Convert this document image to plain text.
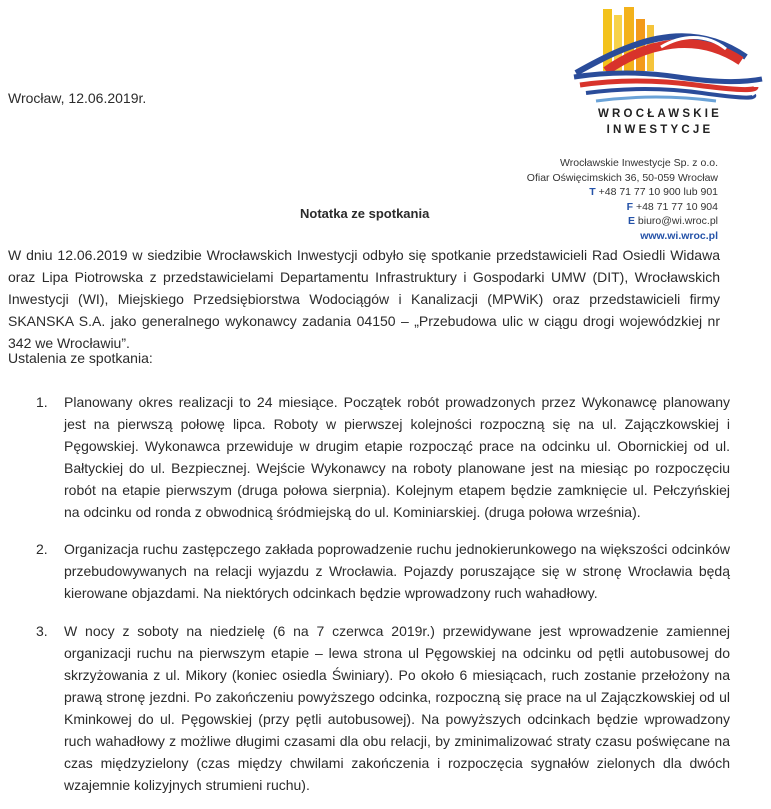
Wrocław, 12.06.2019r.
WROCŁAWSKIE
INWESTYCJE
Wrocławskie Inwestycje Sp. z o.o.
Ofiar Oświęcimskich 36, 50-059 Wrocław
T +48 71 77 10 900 lub 901
F +48 71 77 10 904
E biuro@wi.wroc.pl
www.wi.wroc.pl
Notatka ze spotkania
W dniu 12.06.2019 w siedzibie Wrocławskich Inwestycji odbyło się spotkanie przedstawicieli Rad Osiedli Widawa oraz Lipa Piotrowska z przedstawicielami Departamentu Infrastruktury i Gospodarki UMW (DIT), Wrocławskich Inwestycji (WI), Miejskiego Przedsiębiorstwa Wodociągów i Kanalizacji (MPWiK) oraz przedstawicieli firmy SKANSKA S.A. jako generalnego wykonawcy zadania 04150 – „Przebudowa ulic w ciągu drogi wojewódzkiej nr 342 we Wrocławiu”.
Ustalenia ze spotkania:
1. Planowany okres realizacji to 24 miesiące. Początek robót prowadzonych przez Wykonawcę planowany jest na pierwszą połowę lipca. Roboty w pierwszej kolejności rozpoczną się na ul. Zajączkowskiej i Pęgowskiej. Wykonawca przewiduje w drugim etapie rozpocząć prace na odcinku ul. Obornickiej od ul. Bałtyckiej do ul. Bezpiecznej. Wejście Wykonawcy na roboty planowane jest na miesiąc po rozpoczęciu robót na etapie pierwszym (druga połowa sierpnia). Kolejnym etapem będzie zamknięcie ul. Pełczyńskiej na odcinku od ronda z obwodnicą śródmiejską do ul. Kominiarskiej. (druga połowa września).
2. Organizacja ruchu zastępczego zakłada poprowadzenie ruchu jednokierunkowego na większości odcinków przebudowywanych na relacji wyjazdu z Wrocławia. Pojazdy poruszające się w stronę Wrocławia będą kierowane objazdami. Na niektórych odcinkach będzie wprowadzony ruch wahadłowy.
3. W nocy z soboty na niedzielę (6 na 7 czerwca 2019r.) przewidywane jest wprowadzenie zamiennej organizacji ruchu na pierwszym etapie – lewa strona ul Pęgowskiej na odcinku od pętli autobusowej do skrzyżowania z ul. Mikory (koniec osiedla Świniary). Po około 6 miesiącach, ruch zostanie przełożony na prawą stronę jezdni. Po zakończeniu powyższego odcinka, rozpoczną się prace na ul Zajączkowskiej od ul Kminkowej do ul. Pęgowskiej (przy pętli autobusowej). Na powyższych odcinkach będzie wprowadzony ruch wahadłowy z możliwe długimi czasami dla obu relacji, by zminimalizować straty czasu poświęcane na czas międzyzielony (czas między chwilami zakończenia i rozpoczęcia sygnałów zielonych dla dwóch wzajemnie kolizyjnych strumieni ruchu).
